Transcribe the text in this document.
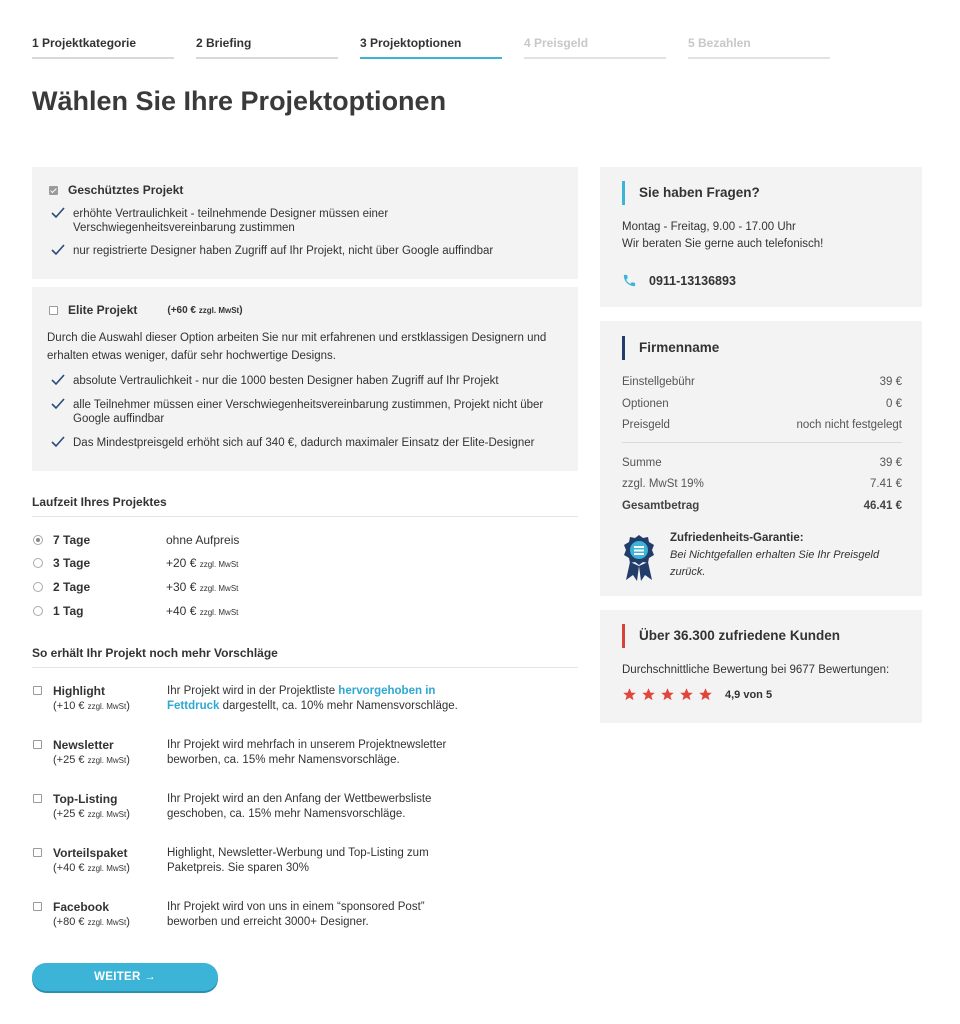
1 Projektkategorie	2 Briefing	3 Projektoptionen	4 Preisgeld	5 Bezahlen
Wählen Sie Ihre Projektoptionen
Geschütztes Projekt
erhöhte Vertraulichkeit - teilnehmende Designer müssen einer Verschwiegenheitsvereinbarung zustimmen
nur registrierte Designer haben Zugriff auf Ihr Projekt, nicht über Google auffindbar
Elite Projekt	(+60 € zzgl. MwSt)
Durch die Auswahl dieser Option arbeiten Sie nur mit erfahrenen und erstklassigen Designern und erhalten etwas weniger, dafür sehr hochwertige Designs.
absolute Vertraulichkeit - nur die 1000 besten Designer haben Zugriff auf Ihr Projekt
alle Teilnehmer müssen einer Verschwiegenheitsvereinbarung zustimmen, Projekt nicht über Google auffindbar
Das Mindestpreisgeld erhöht sich auf 340 €, dadurch maximaler Einsatz der Elite-Designer
Laufzeit Ihres Projektes
7 Tage	ohne Aufpreis
3 Tage	+20 € zzgl. MwSt
2 Tage	+30 € zzgl. MwSt
1 Tag	+40 € zzgl. MwSt
So erhält Ihr Projekt noch mehr Vorschläge
Highlight
(+10 € zzgl. MwSt)
Ihr Projekt wird in der Projektliste hervorgehoben in Fettdruck dargestellt, ca. 10% mehr Namensvorschläge.
Newsletter
(+25 € zzgl. MwSt)
Ihr Projekt wird mehrfach in unserem Projektnewsletter beworben, ca. 15% mehr Namensvorschläge.
Top-Listing
(+25 € zzgl. MwSt)
Ihr Projekt wird an den Anfang der Wettbewerbsliste geschoben, ca. 15% mehr Namensvorschläge.
Vorteilspaket
(+40 € zzgl. MwSt)
Highlight, Newsletter-Werbung und Top-Listing zum Paketpreis. Sie sparen 30%
Facebook
(+80 € zzgl. MwSt)
Ihr Projekt wird von uns in einem “sponsored Post” beworben und erreicht 3000+ Designer.
WEITER →
Sie haben Fragen?
Montag - Freitag, 9.00 - 17.00 Uhr
Wir beraten Sie gerne auch telefonisch!
0911-13136893
Firmenname
Einstellgebühr	39 €
Optionen	0 €
Preisgeld	noch nicht festgelegt
Summe	39 €
zzgl. MwSt 19%	7.41 €
Gesamtbetrag	46.41 €
Zufriedenheits-Garantie:
Bei Nichtgefallen erhalten Sie Ihr Preisgeld zurück.
Über 36.300 zufriedene Kunden
Durchschnittliche Bewertung bei 9677 Bewertungen:
4,9 von 5
